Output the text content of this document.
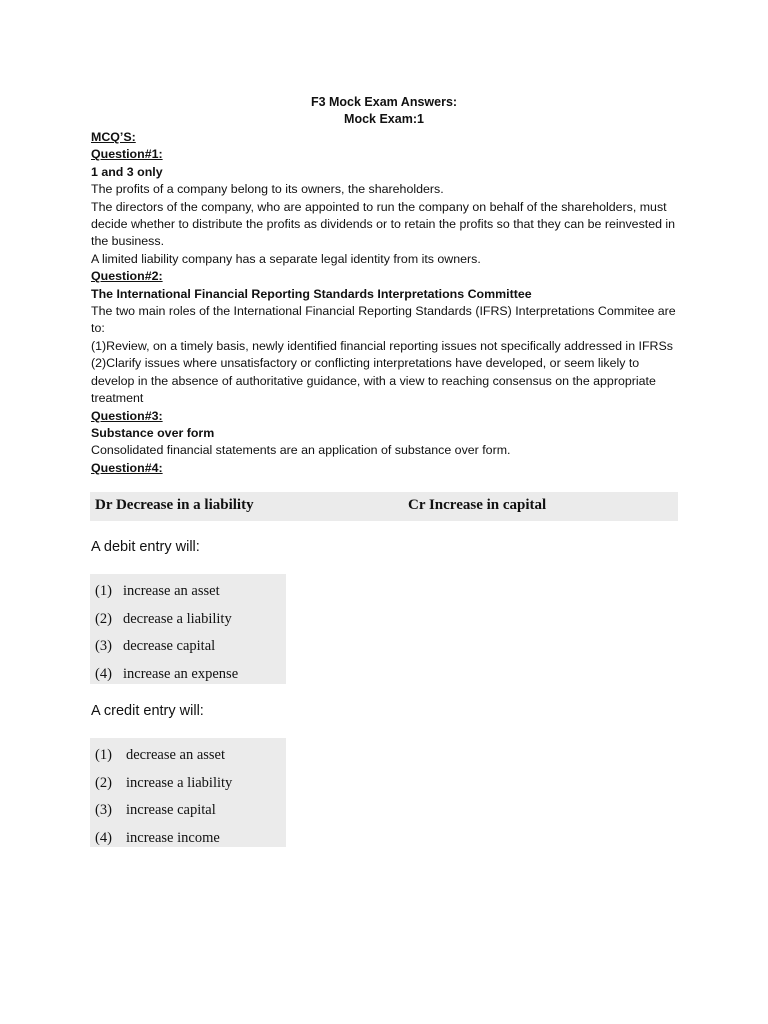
F3 Mock Exam Answers:
Mock Exam:1

MCQ’S:

Question#1:

1 and 3 only

The profits of a company belong to its owners, the shareholders.

The directors of the company, who are appointed to run the company on behalf of the shareholders, must decide whether to distribute the profits as dividends or to retain the profits so that they can be reinvested in the business.

A limited liability company has a separate legal identity from its owners.

Question#2:

The International Financial Reporting Standards Interpretations Committee

The two main roles of the International Financial Reporting Standards (IFRS) Interpretations Commitee are to:

(1)Review, on a timely basis, newly identified financial reporting issues not specifically addressed in IFRSs

(2)Clarify issues where unsatisfactory or conflicting interpretations have developed, or seem likely to develop in the absence of authoritative guidance, with a view to reaching consensus on the appropriate treatment

Question#3:

Substance over form

Consolidated financial statements are an application of substance over form.

Question#4:

Dr Decrease in a liability	Cr Increase in capital
A debit entry will:
(1) increase an asset
(2) decrease a liability
(3) decrease capital
(4) increase an expense
A credit entry will:
(1) decrease an asset
(2) increase a liability
(3) increase capital
(4) increase income
